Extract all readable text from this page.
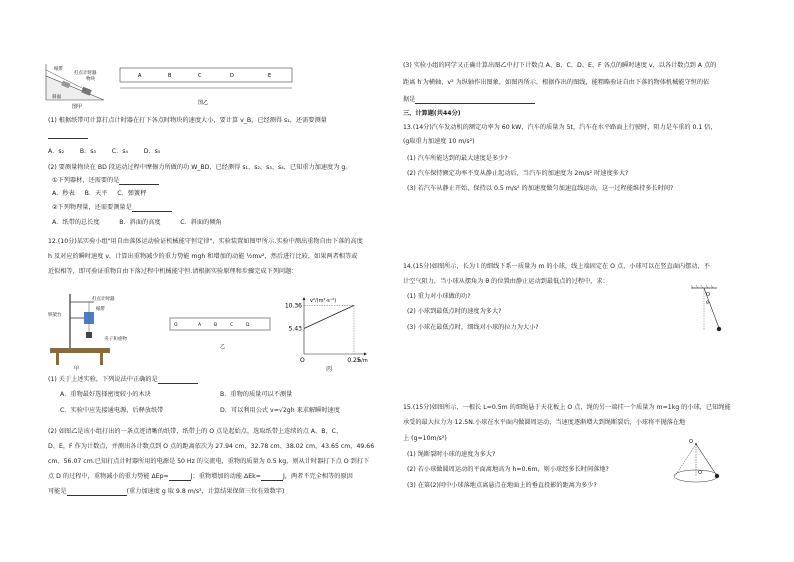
纸带
打点计时器
物块
斜面
图甲
A	B	C	D	E
图乙
(1) 根据纸带可计算打点计时器在打下各点时物块的速度大小，要计算 v_B，已经测得 s₁，还需要测量
A．s₂	B．s₃	C．s₄	D．s₅
(2) 要测量物块在 BD 段运动过程中摩擦力所做的功 W_BD，已经测得 s₁、s₂、s₃、s₄，已知重力加速度为 g。
①下列器材，还需要的是
A．秒表 B．天平 C．弹簧秤
②下列物理量，还需要测量是
A．纸带的总长度	B．斜面的高度	C．斜面的倾角
12.(10分)某实验小组"用自由落体运动验证机械能守恒定律"，实验装置如图甲所示.实验中测出重物自由下落的高度
h 及对应的瞬时速度 v，计算出重物减少的重力势能 mgh 和增加的动能 ½mv²，然后进行比较，如果两者相等或
近似相等，即可验证重物自由下落过程中机械能守恒.请根据实验原理和步骤完成下列问题：
打点计时器
纸带
铁架台
甲
夹子和重物
O	A	B	C	D
乙
10.36
5.43
0.25
O
v²/(m²·s⁻²)
h/m
丙
(1) 关于上述实验，下列说法中正确的是
A．重物最好选择密度较小的木块	B．重物的质量可以不测量
C．实验中应先接通电源，后释放纸带	D．可以利用公式 v=√2gh 来求解瞬时速度
(2) 如图乙是该小组打出的一条点迹清晰的纸带，纸带上的 O 点是起始点，选取纸带上连续的点 A、B、C、
D、E，F 作为计数点，并测出各计数点到 O 点的距离依次为 27.94 cm、32.78 cm、38.02 cm、43.65 cm、49.66
cm、56.07 cm.已知打点计时器所用的电源是 50 Hz 的交流电，重物的质量为 0.5 kg，则从计时器打下点 O 到打下
点 D 的过程中，重物减小的重力势能 ΔEp=	J；重物增加的动能 ΔEk=	J，两者不完全相等的原因
可能是	(重力加速度 g 取 9.8 m/s²，计算结果保留三位有效数字)
(3) 实验小组的同学又正确计算出图乙中打下计数点 A、B、C、D、E、F 各点的瞬时速度 v，以各计数点到 A 点的
距离 h′为横轴，v² 为纵轴作出图象，如图丙所示，根据作出的图线，能粗略验证自由下落的物体机械能守恒的依
据是
三、计算题(共44分)
13.(14分)汽车发动机的额定功率为 60 kW，汽车的质量为 5t，汽车在水平路面上行驶时，阻力是车重的 0.1 倍，
(g取重力加速度 10 m/s²)
(1) 汽车所能达到的最大速度是多少?
(2) 汽车保持额定功率不变从静止起动后，当汽车的加速度为 2m/s² 时速度多大?
(3) 若汽车从静止开始，保持以 0.5 m/s² 的加速度做匀加速直线运动，这一过程能维持多长时间?
14.(15分)如图所示，长为 l 的细线下系一质量为 m 的小球，线上端固定在 O 点，小球可以在竖直面内摆动，不
计空气阻力，当小球从摆角为 θ 的位置由静止运动到最低点的过程中，求：
(1) 重力对小球做的功?
(2) 小球到最低点时的速度为多大?
(3) 小球在最低点时，细线对小球的拉力为大小?
O
θ
15.(15分)如图所示，一根长 L=0.5m 的细绳悬于天花板上 O 点，绳的另一端挂一个质量为 m=1kg 的小球，已知绳能
承受的最大拉力为 12.5N.小球在水平面内做圆周运动，当速度逐渐增大到绳断裂后，小球将平抛落在地
上 (g=10m/s²)
(1) 绳断裂时小球的速度为多大?
(2) 若小球做圆周运动的平面离地高为 h=0.6m，则小球经多长时间落地?
(3) 在第(2)问中小球落地点离悬点在地面上的垂直投影的距离为多少?
O
O′
